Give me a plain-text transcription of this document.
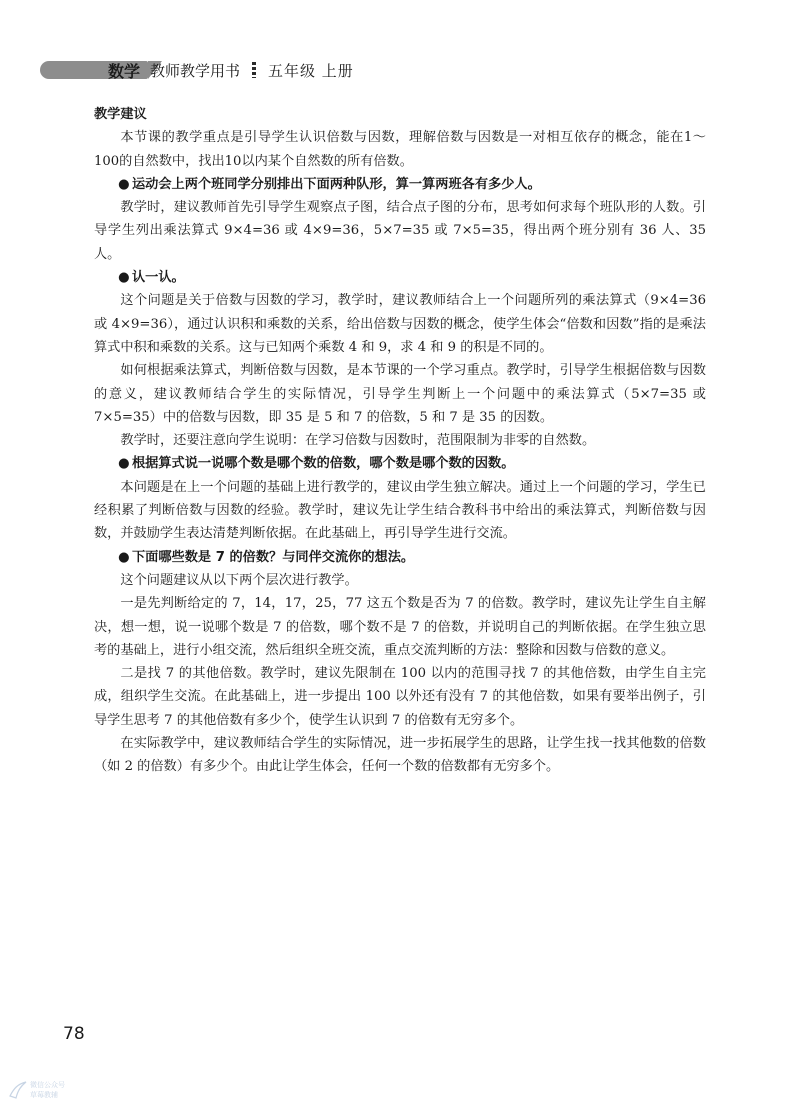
数学 教师教学用书 五年级 上册
教学建议

本节课的教学重点是引导学生认识倍数与因数，理解倍数与因数是一对相互依存的概念，能在1～100的自然数中，找出10以内某个自然数的所有倍数。

● 运动会上两个班同学分别排出下面两种队形，算一算两班各有多少人。

教学时，建议教师首先引导学生观察点子图，结合点子图的分布，思考如何求每个班队形的人数。引导学生列出乘法算式 9×4=36 或 4×9=36，5×7=35 或 7×5=35，得出两个班分别有 36 人、35 人。

● 认一认。

这个问题是关于倍数与因数的学习，教学时，建议教师结合上一个问题所列的乘法算式（9×4=36 或 4×9=36），通过认识积和乘数的关系，给出倍数与因数的概念，使学生体会“倍数和因数”指的是乘法算式中积和乘数的关系。这与已知两个乘数 4 和 9，求 4 和 9 的积是不同的。

如何根据乘法算式，判断倍数与因数，是本节课的一个学习重点。教学时，引导学生根据倍数与因数的意义，建议教师结合学生的实际情况，引导学生判断上一个问题中的乘法算式（5×7=35 或 7×5=35）中的倍数与因数，即 35 是 5 和 7 的倍数，5 和 7 是 35 的因数。

教学时，还要注意向学生说明：在学习倍数与因数时，范围限制为非零的自然数。

● 根据算式说一说哪个数是哪个数的倍数，哪个数是哪个数的因数。

本问题是在上一个问题的基础上进行教学的，建议由学生独立解决。通过上一个问题的学习，学生已经积累了判断倍数与因数的经验。教学时，建议先让学生结合教科书中给出的乘法算式，判断倍数与因数，并鼓励学生表达清楚判断依据。在此基础上，再引导学生进行交流。

● 下面哪些数是 7 的倍数？与同伴交流你的想法。

这个问题建议从以下两个层次进行教学。

一是先判断给定的 7，14，17，25，77 这五个数是否为 7 的倍数。教学时，建议先让学生自主解决，想一想，说一说哪个数是 7 的倍数，哪个数不是 7 的倍数，并说明自己的判断依据。在学生独立思考的基础上，进行小组交流，然后组织全班交流，重点交流判断的方法：整除和因数与倍数的意义。

二是找 7 的其他倍数。教学时，建议先限制在 100 以内的范围寻找 7 的其他倍数，由学生自主完成，组织学生交流。在此基础上，进一步提出 100 以外还有没有 7 的其他倍数，如果有要举出例子，引导学生思考 7 的其他倍数有多少个，使学生认识到 7 的倍数有无穷多个。

在实际教学中，建议教师结合学生的实际情况，进一步拓展学生的思路，让学生找一找其他数的倍数（如 2 的倍数）有多少个。由此让学生体会，任何一个数的倍数都有无穷多个。

78
微信公众号
草莓教辅
